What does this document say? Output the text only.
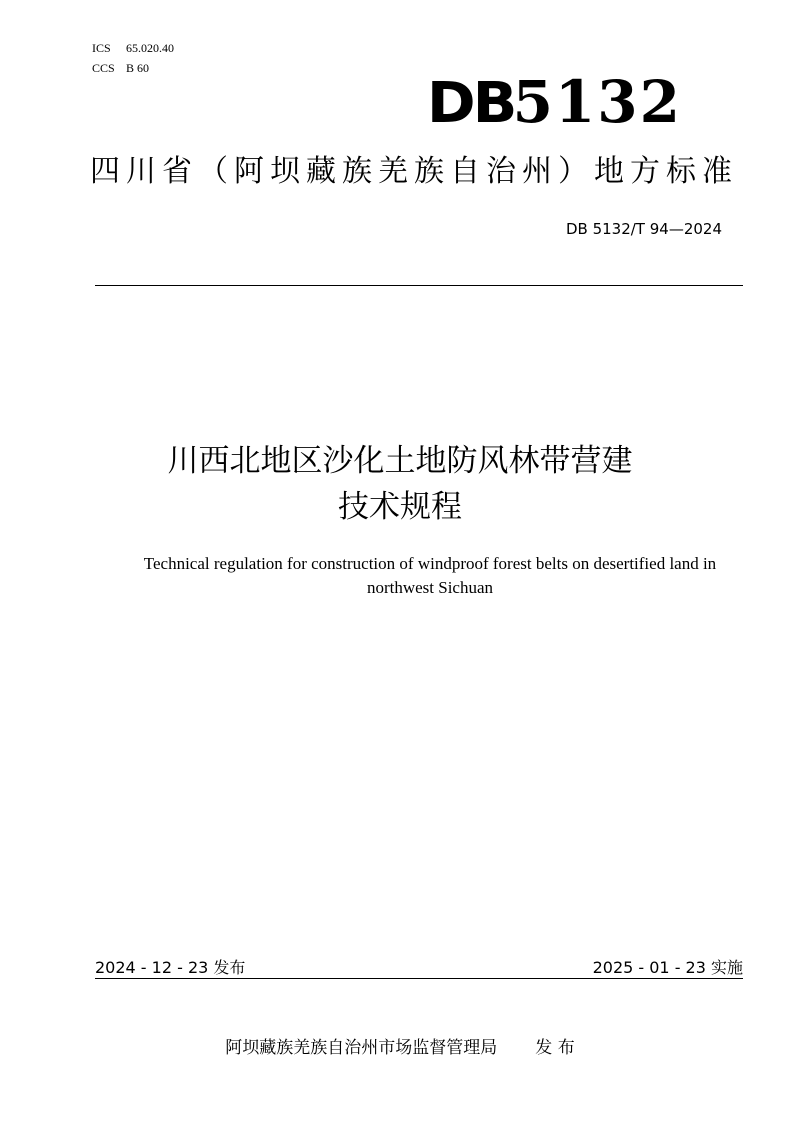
ICS 65.020.40
CCS B 60
DB5132
四川省（阿坝藏族羌族自治州）地方标准
DB 5132/T 94—2024
川西北地区沙化土地防风林带营建
技术规程
Technical regulation for construction of windproof forest belts on desertified land in
northwest Sichuan
2024 - 12 - 23 发布	2025 - 01 - 23 实施
阿坝藏族羌族自治州市场监督管理局 发 布
